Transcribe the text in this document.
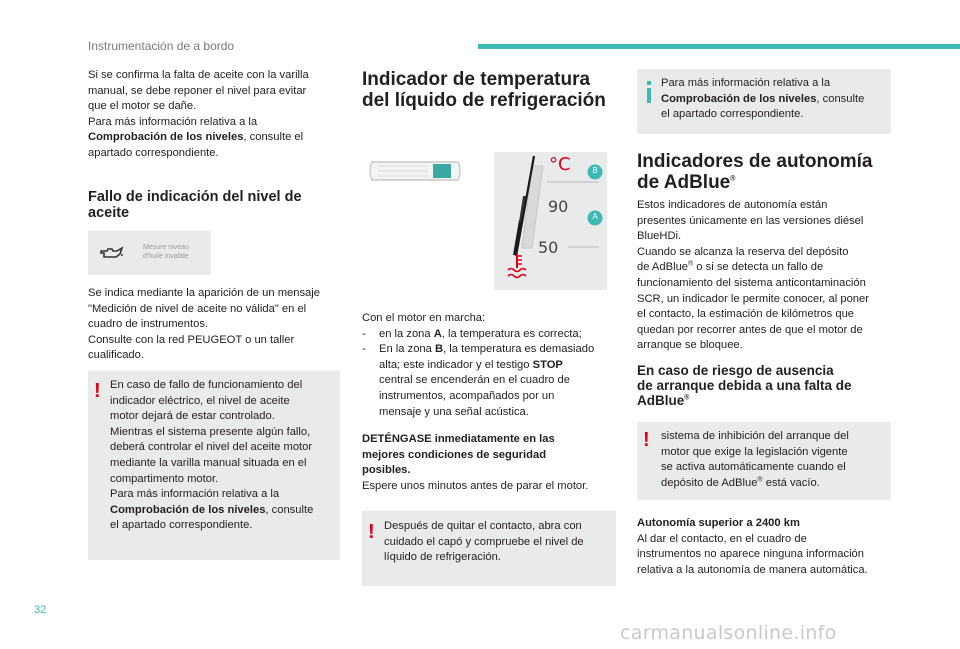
Instrumentación de a bordo

Si se confirma la falta de aceite con la varilla

manual, se debe reponer el nivel para evitar

que el motor se dañe.

Para más información relativa a la

Comprobación de los niveles, consulte el

apartado correspondiente.

Fallo de indicación del nivel de
aceite
Mesure niveau
d'huile invalide

Se indica mediante la aparición de un mensaje

"Medición de nivel de aceite no válida" en el

cuadro de instrumentos.

Consulte con la red PEUGEOT o un taller

cualificado.

! En caso de fallo de funcionamiento del

indicador eléctrico, el nivel de aceite

motor dejará de estar controlado.

Mientras el sistema presente algún fallo,

deberá controlar el nivel del aceite motor

mediante la varilla manual situada en el

compartimento motor.

Para más información relativa a la

Comprobación de los niveles, consulte

el apartado correspondiente.

Indicador de temperatura
del líquido de refrigeración
°C
90
50
B
A

Con el motor en marcha:

- en la zona A, la temperatura es correcta;
- En la zona B, la temperatura es demasiado
alta; este indicador y el testigo STOP
central se encenderán en el cuadro de
instrumentos, acompañados por un
mensaje y una señal acústica.

DETÉNGASE inmediatamente en las

mejores condiciones de seguridad

posibles.

Espere unos minutos antes de parar el motor.

! Después de quitar el contacto, abra con

cuidado el capó y compruebe el nivel de

líquido de refrigeración.

Para más información relativa a la

Comprobación de los niveles, consulte

el apartado correspondiente.

Indicadores de autonomía
de AdBlue®

Estos indicadores de autonomía están

presentes únicamente en las versiones diésel

BlueHDi.

Cuando se alcanza la reserva del depósito

de AdBlue® o si se detecta un fallo de

funcionamiento del sistema anticontaminación

SCR, un indicador le permite conocer, al poner

el contacto, la estimación de kilómetros que

quedan por recorrer antes de que el motor de

arranque se bloquee.

En caso de riesgo de ausencia
de arranque debida a una falta de
AdBlue®
! sistema de inhibición del arranque del

motor que exige la legislación vigente

se activa automáticamente cuando el

depósito de AdBlue® está vacío.

Autonomía superior a 2400 km

Al dar el contacto, en el cuadro de

instrumentos no aparece ninguna información

relativa a la autonomía de manera automática.

32
carmanualsonline.info
